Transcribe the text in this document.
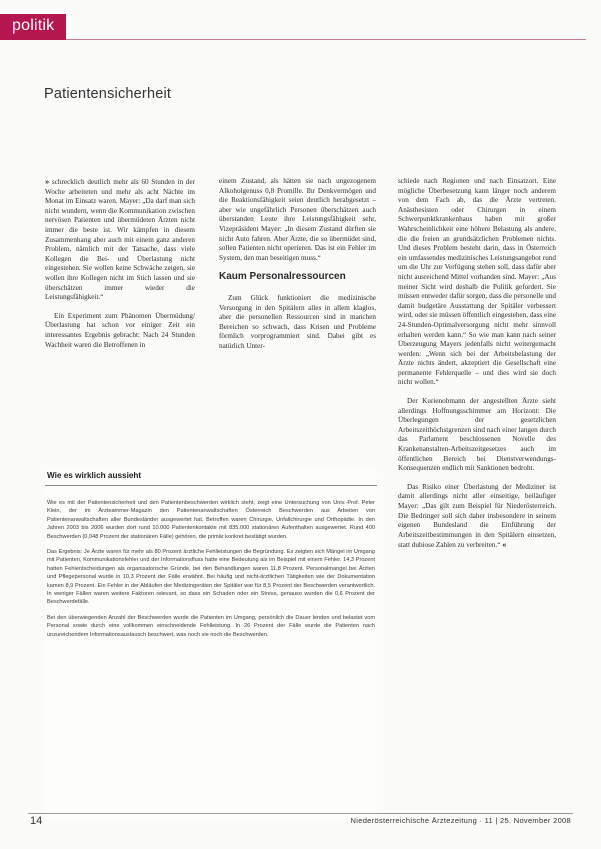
politik
Patientensicherheit

» schrecklich deutlich mehr als 60 Stunden in der Woche arbeiteten und mehr als acht Nächte im Monat im Einsatz waren. Mayer: „Da darf man sich nicht wundern, wenn die Kommunikation zwischen nervösen Patienten und übermüdeten Ärzten nicht immer die beste ist. Wir kämpfen in diesem Zusammenhang aber auch mit einem ganz anderen Problem, nämlich mit der Tatsache, dass viele Kollegen die Bei- und Überlastung nicht eingestehen. Sie wollen keine Schwäche zeigen, sie wollen ihre Kollegen nicht im Stich lassen und sie überschätzen immer wieder die Leistungsfähigkeit.“

Ein Experiment zum Phänomen Übermüdung/Überlastung hat schon vor einiger Zeit ein interessantes Ergebnis gebracht: Nach 24 Stunden Wachheit waren die Betroffenen in

einem Zustand, als hätten sie nach ungezogenem Alkoholgenuss 0,8 Promille. Ihr Denkvermögen und die Reaktionsfähigkeit seien deutlich herabgesetzt – aber wie ungefährlich Personen überschätzen auch überstanden Leute ihre Leistungsfähigkeit sehr, Vizepräsident Mayer: „In diesem Zustand dürften sie nicht Auto fahren. Aber Ärzte, die so übermüdet sind, sollen Patienten nicht operieren. Das ist ein Fehler im System, den man beseitigen muss.“

Kaum Personalressourcen

Zum Glück funktioniert die medizinische Versorgung in den Spitälern alles in allem klaglos, aber die personellen Ressourcen sind in manchen Bereichen so schwach, dass Krisen und Probleme förmlich vorprogrammiert sind. Dabei gibt es natürlich Unter-

schiede nach Regionen und nach Einsatzort. Eine mögliche Überbesetzung kann länger noch anderem von dem Fach ab, das die Ärzte vertreten. Anästhesisten oder Chirurgen in einem Schwerpunktkrankenhaus haben mit großer Wahrscheinlichkeit eine höhere Belastung als andere, die die freien an grundsätzlichen Problemen nichts. Und dieses Problem besteht darin, dass in Österreich ein umfassendes medizinisches Leistungsangebot rund um die Uhr zur Verfügung stehen soll, dass dafür aber nicht ausreichend Mittel vorhanden sind. Mayer: „Aus meiner Sicht wird deshalb die Politik gefordert. Sie müssen entweder dafür sorgen, dass die personelle und damit budgetäre Ausstattung der Spitäler verbessert wird, oder sie müssen öffentlich eingestehen, dass eine 24-Stunden-Optimalversorgung nicht mehr sinnvoll erhalten werden kann.“ So wie man kann nach seiner Überzeugung Mayers jedenfalls nicht weitergemacht werden: „Wenn sich bei der Arbeitsbelastung der Ärzte nichts ändert, akzeptiert die Gesellschaft eine permanente Fehlerquelle – und dies wird sie doch nicht wollen.“

Der Kurienobmann der angestellten Ärzte sieht allerdings Hoffnungsschimmer am Horizont: Die Überlegungen der gesetzlichen Arbeitszeithöchstgrenzen sind nach einer langen durch das Parlament beschlossenen Novelle des Krankenanstalten-Arbeitszeitgesetzes auch im öffentlichen Bereich bei Dienstverwendungs-Konsequenzen endlich mit Sanktionen bedroht.

Das Risiko einer Überlastung der Mediziner ist damit allerdings nicht aller einseitige, beiläufiger Mayer: „Das gilt zum Beispiel für Niederösterreich. Die Bedringer soll sich daher insbesondere in seinem eigenen Bundesland die Einführung der Arbeitszeitbestimmungen in den Spitälern einsetzen, statt dubiose Zahlen zu verbreiten.“ «

Wie es wirklich aussieht

Wie es mit der Patientensicherheit und den Patientenbeschwerden wirklich steht, zeigt eine Untersuchung von Univ.-Prof. Peter Klein, der im Ärzteammer-Magazin den Patientenanwaltschaften Österreich Beschwerden aus Arbeiten von Patientenanwaltschaften aller Bundesländer ausgewertet hat. Betroffen waren Chirurgie, Unfallchirurgie und Orthopädie. In den Jahren 2003 bis 2006 wurden dort rund 10.000 Patientenkontakte mit 835.000 stationären Aufenthalten ausgewertet. Rund 400 Beschwerden (0,048 Prozent der stationären Fälle) gehören, die primär konkret bestätigt wurden.

Das Ergebnis: Je Ärzte waren für mehr als 80 Prozent ärztliche Fehlleistungen die Begründung. Es zeigten sich Mängel im Umgang mit Patienten, Kommunikationsfehler und der Informationsfluss hatte eine Bedeutung als im Beispiel mit einem Fehler. 14,3 Prozent hatten Fehlentscheidungen als organisatorische Gründe, bei den Behandlungen waren 11,8 Prozent. Personalmangel bei Ärzten und Pflegepersonal wurde in 10,3 Prozent der Fälle erwähnt. Bei häufig und nicht-ärztlichen Tätigkeiten wie der Dokumentation kamen 8,9 Prozent. Ein Fehler in der Abläufen der Medizingeräten der Spitäler war für 8,5 Prozent der Beschwerden verantwortlich. In weniger Fällen waren weitere Faktoren relevant, so dass ein Schaden oder ein Stress, genauso wurden die 0,6 Prozent der Beschwerdefälle.

Bei den überwiegenden Anzahl der Beschwerden wurde die Patienten im Umgang, persönlich die Dauer lenden und belastet vom Personal sowie durch eine vollkommen einschneidende Fehlleistung. In 26 Prozent der Fälle wurde die Patienten nach unzureichendem Informationsaustausch beschwert, was noch sie noch die Beschwerden.

14	Niederösterreichische Ärztezeitung · 11 | 25. November 2008
